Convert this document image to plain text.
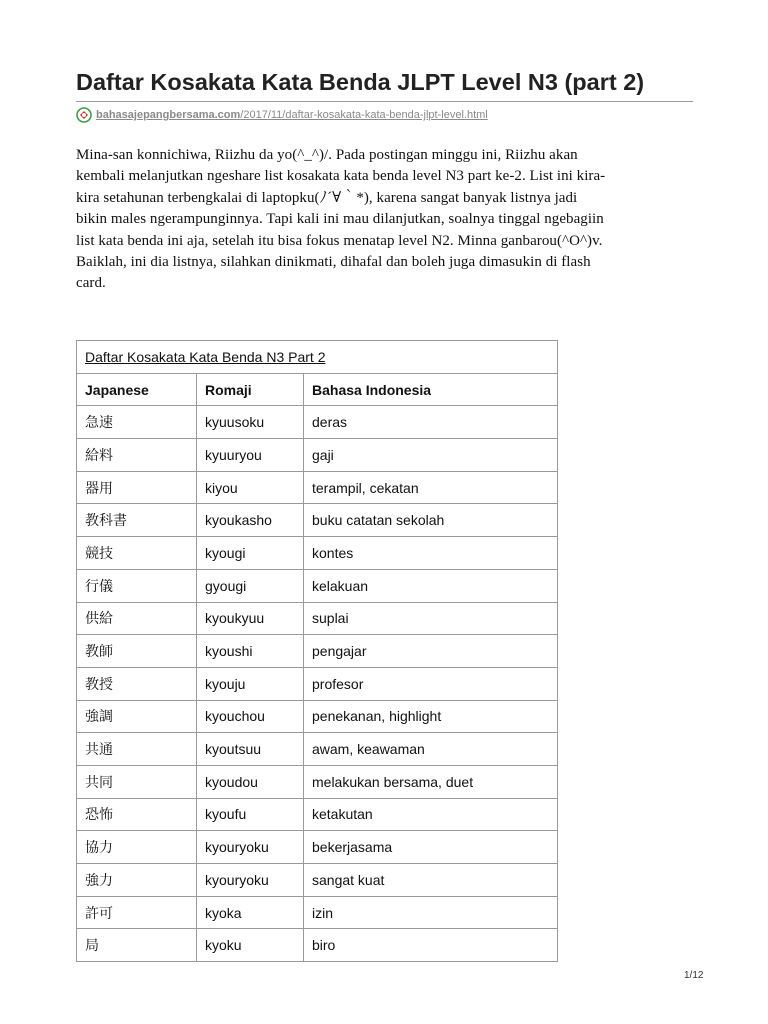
Daftar Kosakata Kata Benda JLPT Level N3 (part 2)
bahasajepangbersama.com/2017/11/daftar-kosakata-kata-benda-jlpt-level.html
Mina-san konnichiwa, Riizhu da yo(^_^)/. Pada postingan minggu ini, Riizhu akan
kembali melanjutkan ngeshare list kosakata kata benda level N3 part ke-2. List ini kira-
kira setahunan terbengkalai di laptopku(ﾉ´∀｀*), karena sangat banyak listnya jadi
bikin males ngerampunginnya. Tapi kali ini mau dilanjutkan, soalnya tinggal ngebagiin
list kata benda ini aja, setelah itu bisa fokus menatap level N2. Minna ganbarou(^O^)v.
Baiklah, ini dia listnya, silahkan dinikmati, dihafal dan boleh juga dimasukin di flash
card.
Daftar Kosakata Kata Benda N3 Part 2		
Japanese	Romaji	Bahasa Indonesia
急速	kyuusoku	deras
給料	kyuuryou	gaji
器用	kiyou	terampil, cekatan
教科書	kyoukasho	buku catatan sekolah
競技	kyougi	kontes
行儀	gyougi	kelakuan
供給	kyoukyuu	suplai
教師	kyoushi	pengajar
教授	kyouju	profesor
強調	kyouchou	penekanan, highlight
共通	kyoutsuu	awam, keawaman
共同	kyoudou	melakukan bersama, duet
恐怖	kyoufu	ketakutan
協力	kyouryoku	bekerjasama
強力	kyouryoku	sangat kuat
許可	kyoka	izin
局	kyoku	biro
1/12
